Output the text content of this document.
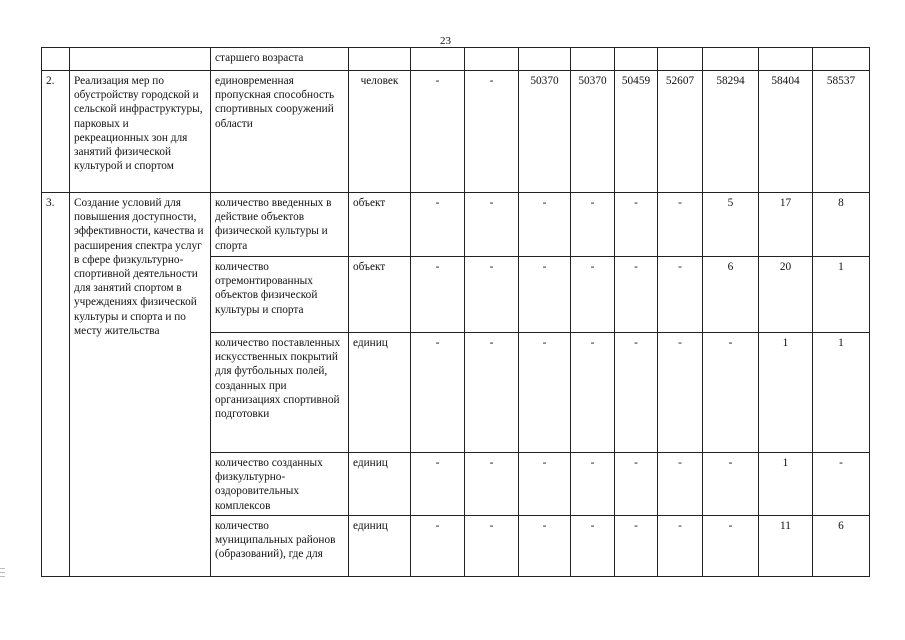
23
		старшего возраста										
2.	Реализация мер по обустройству городской и сельской инфраструктуры, парковых и рекреационных зон для занятий физической культурой и спортом	единовременная пропускная способность спортивных сооружений области	человек	-	-	50370	50370	50459	52607	58294	58404	58537
3.	Создание условий для повышения доступности, эффективности, качества и расширения спектра услуг в сфере физкультурно-спортивной деятельности для занятий спортом в учреждениях физической культуры и спорта и по месту жительства	количество введенных в действие объектов физической культуры и спорта	объект	-	-	-	-	-	-	5	17	8
		количество отремонтированных объектов физической культуры и спорта	объект	-	-	-	-	-	-	6	20	1
		количество поставленных искусственных покрытий для футбольных полей, созданных при организациях спортивной подготовки	единиц	-	-	-	-	-	-	-	1	1
		количество созданных физкультурно-оздоровительных комплексов	единиц	-	-	-	-	-	-	-	1	-
		количество муниципальных районов (образований), где для	единиц	-	-	-	-	-	-	-	11	6
